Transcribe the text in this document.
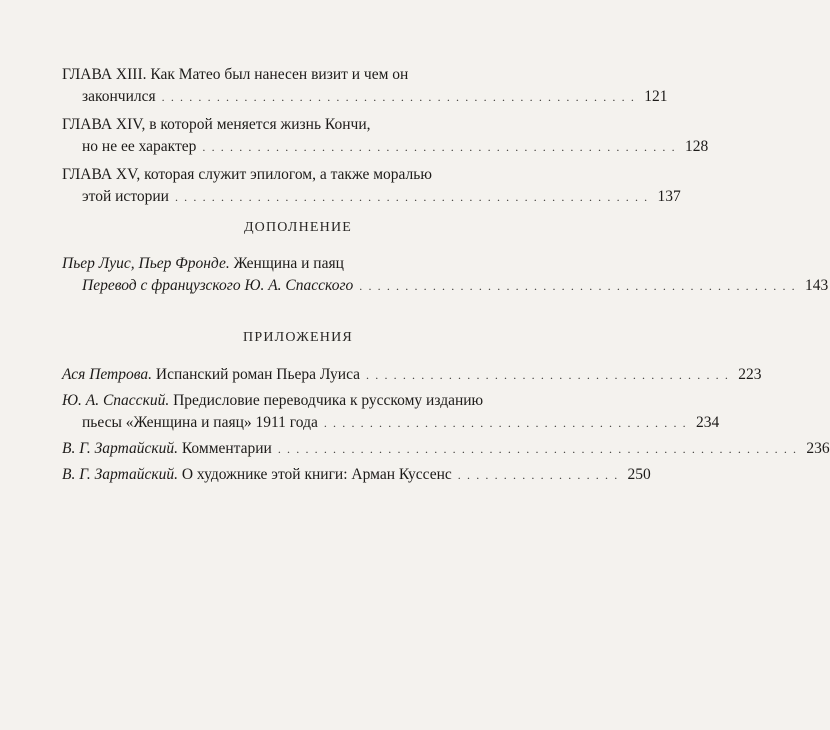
ГЛАВА XIII. Как Матео был нанесен визит и чем он
закончился . . . . . . . . . . . . . . . . . . . . . . . . . . . . . . . . . . . . . . . . . . . . . . . . . . . . 121
ГЛАВА XIV, в которой меняется жизнь Кончи,
но не ее характер . . . . . . . . . . . . . . . . . . . . . . . . . . . . . . . . . . . . . . . . . . . . . . . . . . . . 128
ГЛАВА XV, которая служит эпилогом, а также моралью
этой истории . . . . . . . . . . . . . . . . . . . . . . . . . . . . . . . . . . . . . . . . . . . . . . . . . . . . 137
ДОПОЛНЕНИЕ
Пьер Луис, Пьер Фронде. Женщина и паяц
Перевод с французского Ю. А. Спасского . . . . . . . . . . . . . . . . . . . . . . . . . . . . . . . . . . . . . . . . . . . . . . . . 143
ПРИЛОЖЕНИЯ
Ася Петрова. Испанский роман Пьера Луиса . . . . . . . . . . . . . . . . . . . . . . . . . . . . . . . . . . . . . . . . 223
Ю. А. Спасский. Предисловие переводчика к русскому изданию
пьесы «Женщина и паяц» 1911 года . . . . . . . . . . . . . . . . . . . . . . . . . . . . . . . . . . . . . . . . 234
В. Г. Зартайский. Комментарии . . . . . . . . . . . . . . . . . . . . . . . . . . . . . . . . . . . . . . . . . . . . . . . . . . . . . . . . . 236
В. Г. Зартайский. О художнике этой книги: Арман Куссенс . . . . . . . . . . . . . . . . . . 250
